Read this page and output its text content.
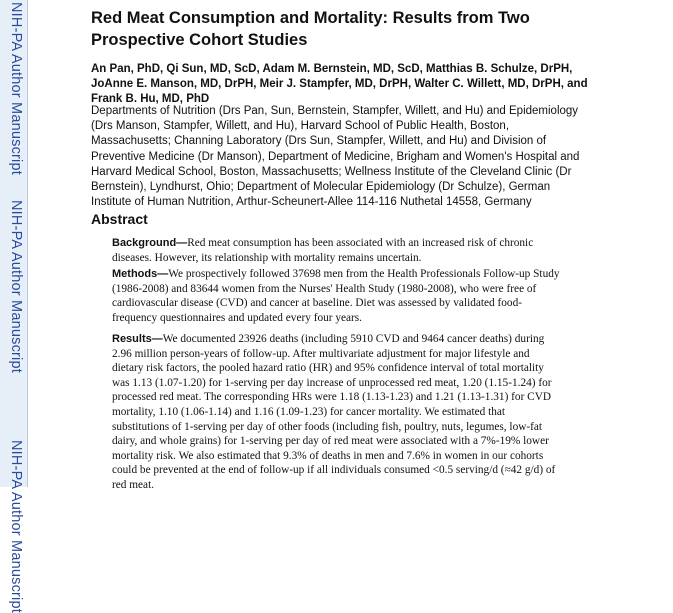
NIH-PA Author Manuscript
NIH-PA Author Manuscript
NIH-PA Author Manuscript
Red Meat Consumption and Mortality: Results from Two Prospective Cohort Studies
An Pan, PhD, Qi Sun, MD, ScD, Adam M. Bernstein, MD, ScD, Matthias B. Schulze, DrPH, JoAnne E. Manson, MD, DrPH, Meir J. Stampfer, MD, DrPH, Walter C. Willett, MD, DrPH, and Frank B. Hu, MD, PhD
Departments of Nutrition (Drs Pan, Sun, Bernstein, Stampfer, Willett, and Hu) and Epidemiology (Drs Manson, Stampfer, Willett, and Hu), Harvard School of Public Health, Boston, Massachusetts; Channing Laboratory (Drs Sun, Stampfer, Willett, and Hu) and Division of Preventive Medicine (Dr Manson), Department of Medicine, Brigham and Women's Hospital and Harvard Medical School, Boston, Massachusetts; Wellness Institute of the Cleveland Clinic (Dr Bernstein), Lyndhurst, Ohio; Department of Molecular Epidemiology (Dr Schulze), German Institute of Human Nutrition, Arthur-Scheunert-Allee 114-116 Nuthetal 14558, Germany
Abstract
Background—Red meat consumption has been associated with an increased risk of chronic diseases. However, its relationship with mortality remains uncertain.
Methods—We prospectively followed 37698 men from the Health Professionals Follow-up Study (1986-2008) and 83644 women from the Nurses' Health Study (1980-2008), who were free of cardiovascular disease (CVD) and cancer at baseline. Diet was assessed by validated food-frequency questionnaires and updated every four years.
Results—We documented 23926 deaths (including 5910 CVD and 9464 cancer deaths) during 2.96 million person-years of follow-up. After multivariate adjustment for major lifestyle and dietary risk factors, the pooled hazard ratio (HR) and 95% confidence interval of total mortality was 1.13 (1.07-1.20) for 1-serving per day increase of unprocessed red meat, 1.20 (1.15-1.24) for processed red meat. The corresponding HRs were 1.18 (1.13-1.23) and 1.21 (1.13-1.31) for CVD mortality, 1.10 (1.06-1.14) and 1.16 (1.09-1.23) for cancer mortality. We estimated that substitutions of 1-serving per day of other foods (including fish, poultry, nuts, legumes, low-fat dairy, and whole grains) for 1-serving per day of red meat were associated with a 7%-19% lower mortality risk. We also estimated that 9.3% of deaths in men and 7.6% in women in our cohorts could be prevented at the end of follow-up if all individuals consumed <0.5 serving/d (≈42 g/d) of red meat.
